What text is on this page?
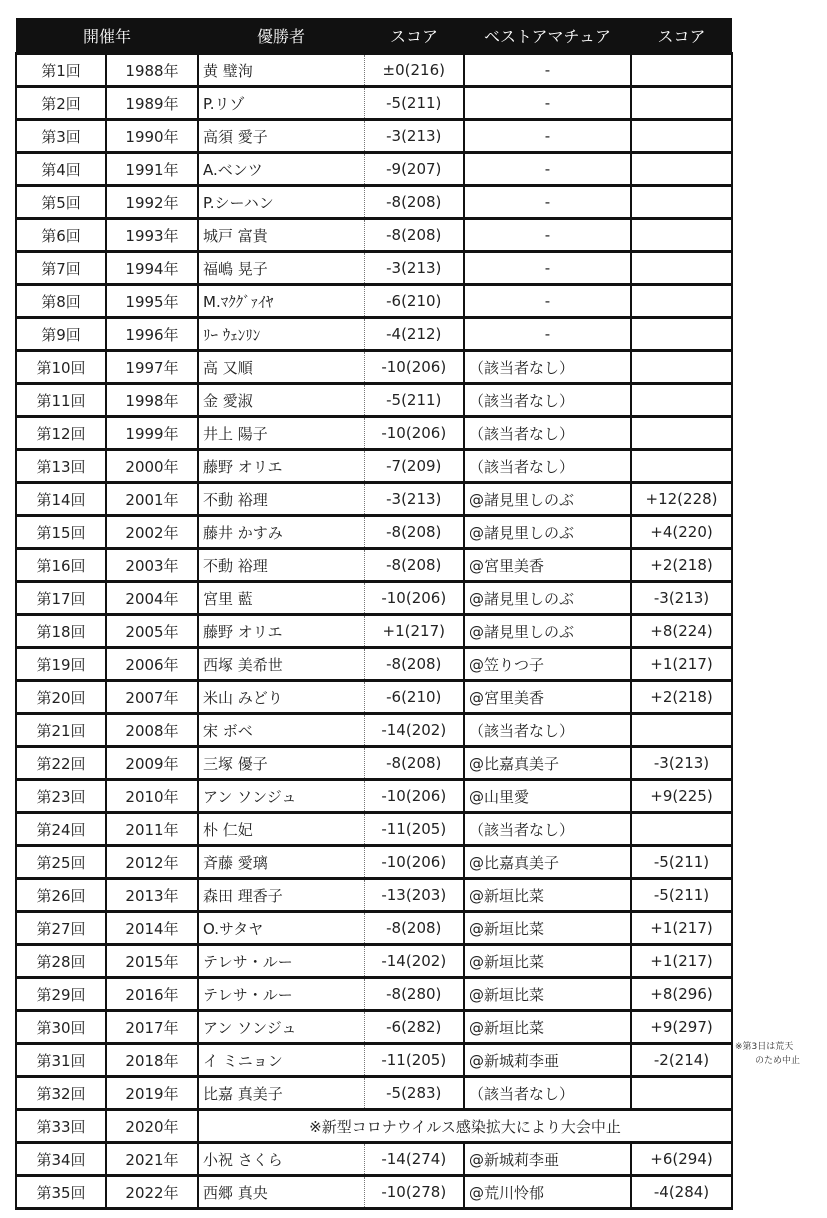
開催年		優勝者	スコア	ベストアマチュア	スコア
第1回	1988年	黄 璧洵	±0(216)	-	
第2回	1989年	P.リゾ	-5(211)	-	
第3回	1990年	高須 愛子	-3(213)	-	
第4回	1991年	A.ベンツ	-9(207)	-	
第5回	1992年	P.シーハン	-8(208)	-	
第6回	1993年	城戸 富貴	-8(208)	-	
第7回	1994年	福嶋 晃子	-3(213)	-	
第8回	1995年	M.ﾏｸｸﾞｧｲﾔ	-6(210)	-	
第9回	1996年	ﾘｰ ｳｪﾝﾘﾝ	-4(212)	-	
第10回	1997年	高 又順	-10(206)	（該当者なし）	
第11回	1998年	金 愛淑	-5(211)	（該当者なし）	
第12回	1999年	井上 陽子	-10(206)	（該当者なし）	
第13回	2000年	藤野 オリエ	-7(209)	（該当者なし）	
第14回	2001年	不動 裕理	-3(213)	@諸見里しのぶ	+12(228)
第15回	2002年	藤井 かすみ	-8(208)	@諸見里しのぶ	+4(220)
第16回	2003年	不動 裕理	-8(208)	@宮里美香	+2(218)
第17回	2004年	宮里 藍	-10(206)	@諸見里しのぶ	-3(213)
第18回	2005年	藤野 オリエ	+1(217)	@諸見里しのぶ	+8(224)
第19回	2006年	西塚 美希世	-8(208)	@笠りつ子	+1(217)
第20回	2007年	米山 みどり	-6(210)	@宮里美香	+2(218)
第21回	2008年	宋 ボベ	-14(202)	（該当者なし）	
第22回	2009年	三塚 優子	-8(208)	@比嘉真美子	-3(213)
第23回	2010年	アン ソンジュ	-10(206)	@山里愛	+9(225)
第24回	2011年	朴 仁妃	-11(205)	（該当者なし）	
第25回	2012年	斉藤 愛璃	-10(206)	@比嘉真美子	-5(211)
第26回	2013年	森田 理香子	-13(203)	@新垣比菜	-5(211)
第27回	2014年	O.サタヤ	-8(208)	@新垣比菜	+1(217)
第28回	2015年	テレサ・ルー	-14(202)	@新垣比菜	+1(217)
第29回	2016年	テレサ・ルー	-8(280)	@新垣比菜	+8(296)
第30回	2017年	アン ソンジュ	-6(282)	@新垣比菜	+9(297)
第31回	2018年	イ ミニョン	-11(205)	@新城莉李亜	-2(214)
第32回	2019年	比嘉 真美子	-5(283)	（該当者なし）	
第33回	2020年	※新型コロナウイルス感染拡大により大会中止			
第34回	2021年	小祝 さくら	-14(274)	@新城莉李亜	+6(294)
第35回	2022年	西郷 真央	-10(278)	@荒川怜郁	-4(284)
※第3日は荒天
のため中止
